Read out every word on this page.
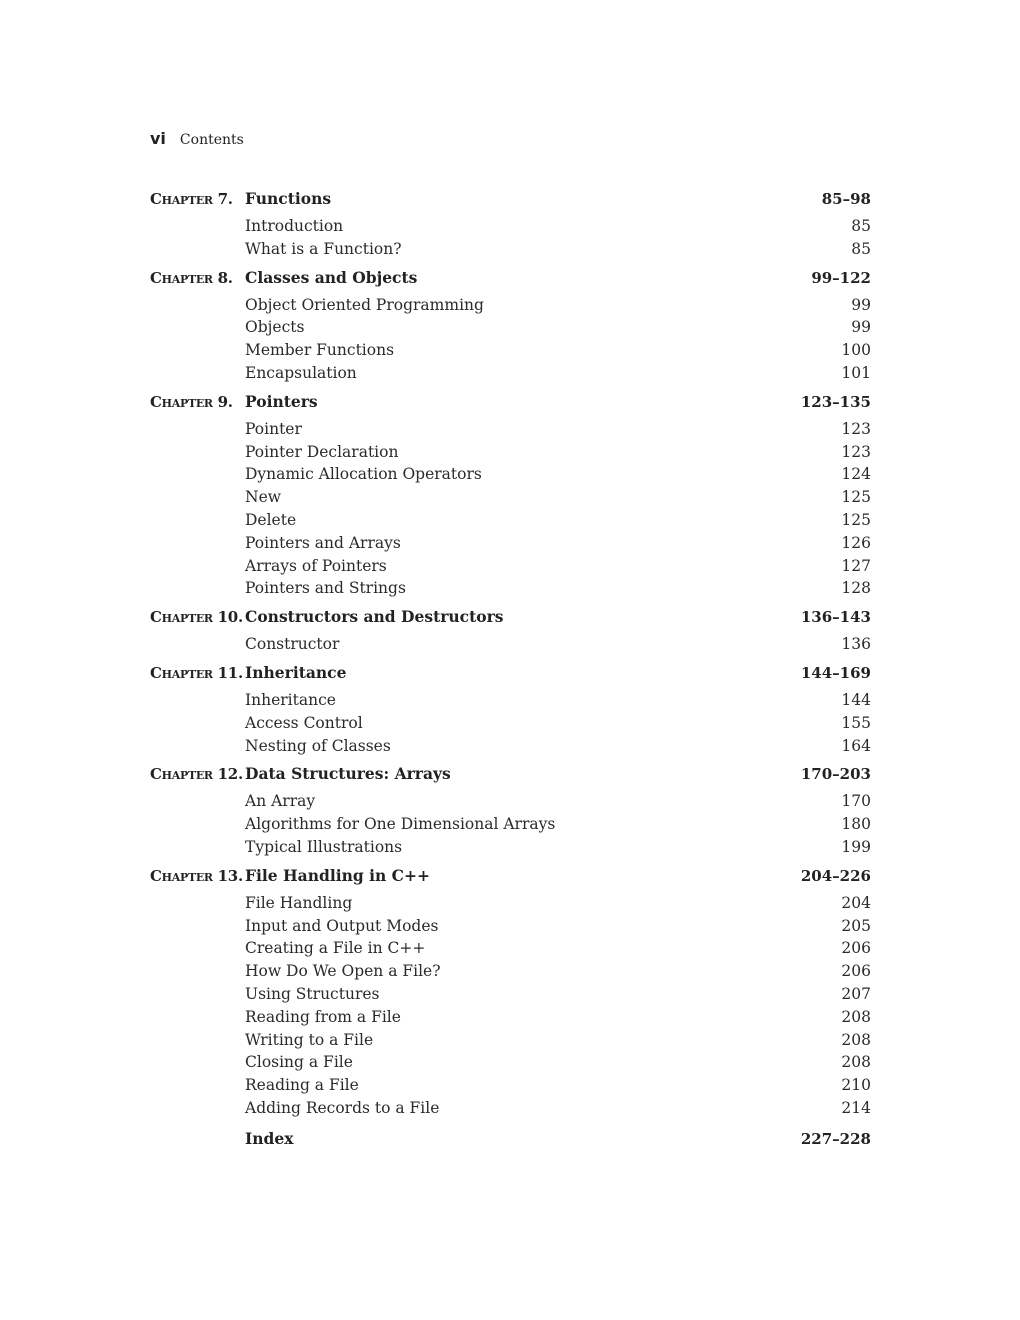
vi Contents
Chapter 7. Functions	85–98
Introduction	85
What is a Function?	85
Chapter 8. Classes and Objects	99–122
Object Oriented Programming	99
Objects	99
Member Functions	100
Encapsulation	101
Chapter 9. Pointers	123–135
Pointer	123
Pointer Declaration	123
Dynamic Allocation Operators	124
New	125
Delete	125
Pointers and Arrays	126
Arrays of Pointers	127
Pointers and Strings	128
Chapter 10. Constructors and Destructors	136–143
Constructor	136
Chapter 11. Inheritance	144–169
Inheritance	144
Access Control	155
Nesting of Classes	164
Chapter 12. Data Structures: Arrays	170–203
An Array	170
Algorithms for One Dimensional Arrays	180
Typical Illustrations	199
Chapter 13. File Handling in C++	204–226
File Handling	204
Input and Output Modes	205
Creating a File in C++	206
How Do We Open a File?	206
Using Structures	207
Reading from a File	208
Writing to a File	208
Closing a File	208
Reading a File	210
Adding Records to a File	214
Index	227–228
